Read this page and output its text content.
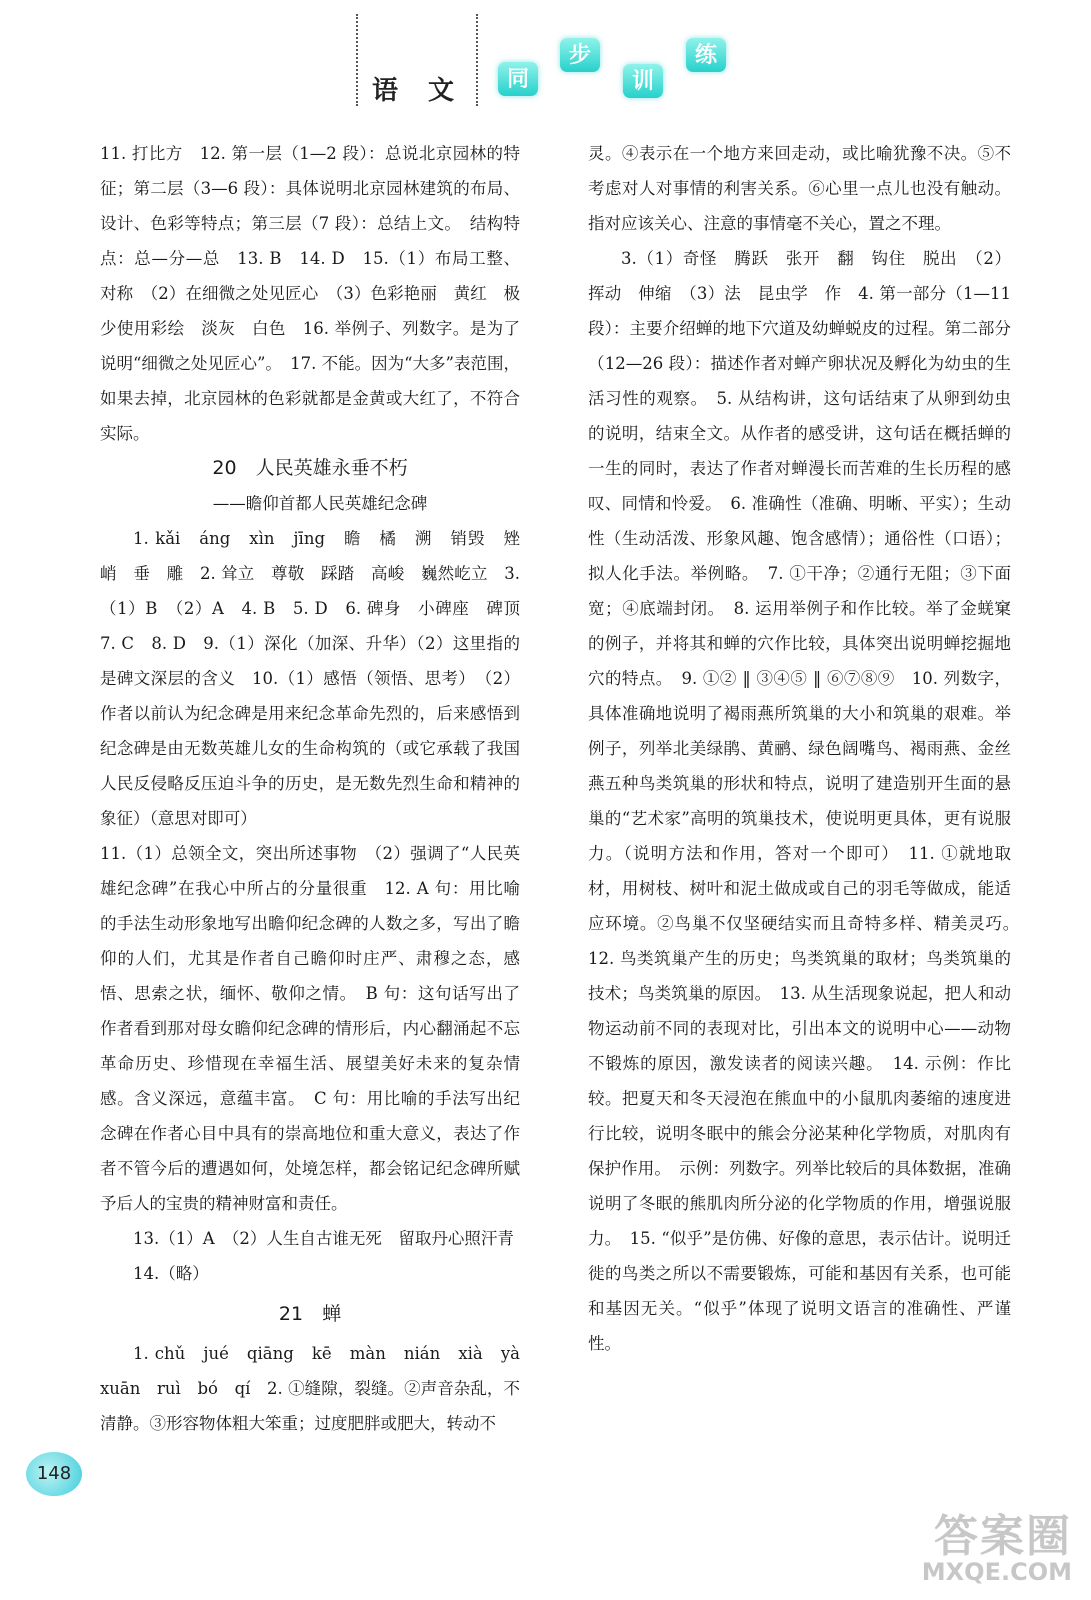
语文	同
步
训
练

11. 打比方　12. 第一层（1—2 段）：总说北京园林的特征；第二层（3—6 段）：具体说明北京园林建筑的布局、设计、色彩等特点；第三层（7 段）：总结上文。　结构特点：总—分—总　13. B　14. D　15.（1）布局工整、对称　（2）在细微之处见匠心　（3）色彩艳丽　黄红　极少使用彩绘　淡灰　白色　16. 举例子、列数字。是为了说明“细微之处见匠心”。　17. 不能。因为“大多”表范围，如果去掉，北京园林的色彩就都是金黄或大红了，不符合实际。

20　人民英雄永垂不朽

——瞻仰首都人民英雄纪念碑

1. kǎi　áng　xìn　jīng　瞻　橘　溯　销毁　矬　峭　垂　雕　2. 耸立　尊敬　踩踏　高峻　巍然屹立　3.（1）B　（2）A　4. B　5. D　6. 碑身　小碑座　碑顶　7. C　8. D　9.（1）深化（加深、升华）（2）这里指的是碑文深层的含义　10.（1）感悟（领悟、思考）　（2）作者以前认为纪念碑是用来纪念革命先烈的，后来感悟到纪念碑是由无数英雄儿女的生命构筑的（或它承载了我国人民反侵略反压迫斗争的历史，是无数先烈生命和精神的象征）（意思对即可）

11.（1）总领全文，突出所述事物　（2）强调了“人民英雄纪念碑”在我心中所占的分量很重　12. A 句：用比喻的手法生动形象地写出瞻仰纪念碑的人数之多，写出了瞻仰的人们，尤其是作者自己瞻仰时庄严、肃穆之态，感悟、思索之状，缅怀、敬仰之情。　B 句：这句话写出了作者看到那对母女瞻仰纪念碑的情形后，内心翻涌起不忘革命历史、珍惜现在幸福生活、展望美好未来的复杂情感。含义深远，意蕴丰富。　C 句：用比喻的手法写出纪念碑在作者心目中具有的崇高地位和重大意义，表达了作者不管今后的遭遇如何，处境怎样，都会铭记纪念碑所赋予后人的宝贵的精神财富和责任。

13.（1）A　（2）人生自古谁无死　留取丹心照汗青

14.（略）

21　蝉

1. chǔ　jué　qiāng　kē　màn　nián　xià　yà　xuān　ruì　bó　qí　2. ①缝隙，裂缝。②声音杂乱，不清静。③形容物体粗大笨重；过度肥胖或肥大，转动不

灵。④表示在一个地方来回走动，或比喻犹豫不决。⑤不考虑对人对事情的利害关系。⑥心里一点儿也没有触动。指对应该关心、注意的事情毫不关心，置之不理。

3.（1）奇怪　腾跃　张开　翻　钩住　脱出　（2）挥动　伸缩　（3）法　昆虫学　作　4. 第一部分（1—11 段）：主要介绍蝉的地下穴道及幼蝉蜕皮的过程。第二部分（12—26 段）：描述作者对蝉产卵状况及孵化为幼虫的生活习性的观察。　5. 从结构讲，这句话结束了从卵到幼虫的说明，结束全文。从作者的感受讲，这句话在概括蝉的一生的同时，表达了作者对蝉漫长而苦难的生长历程的感叹、同情和怜爱。　6. 准确性（准确、明晰、平实）；生动性（生动活泼、形象风趣、饱含感情）；通俗性（口语）；拟人化手法。举例略。　7. ①干净；②通行无阻；③下面宽；④底端封闭。　8. 运用举例子和作比较。举了金蜣窠的例子，并将其和蝉的穴作比较，具体突出说明蝉挖掘地穴的特点。　9. ①② ‖ ③④⑤ ‖ ⑥⑦⑧⑨　10. 列数字，具体准确地说明了褐雨燕所筑巢的大小和筑巢的艰难。举例子，列举北美绿鹃、黄鹂、绿色阔嘴鸟、褐雨燕、金丝燕五种鸟类筑巢的形状和特点，说明了建造别开生面的悬巢的“艺术家”高明的筑巢技术，使说明更具体，更有说服力。（说明方法和作用，答对一个即可）　11. ①就地取材，用树枝、树叶和泥土做成或自己的羽毛等做成，能适应环境。②鸟巢不仅坚硬结实而且奇特多样、精美灵巧。　12. 鸟类筑巢产生的历史；鸟类筑巢的取材；鸟类筑巢的技术；鸟类筑巢的原因。　13. 从生活现象说起，把人和动物运动前不同的表现对比，引出本文的说明中心——动物不锻炼的原因，激发读者的阅读兴趣。　14. 示例：作比较。把夏天和冬天浸泡在熊血中的小鼠肌肉萎缩的速度进行比较，说明冬眠中的熊会分泌某种化学物质，对肌肉有保护作用。　示例：列数字。列举比较后的具体数据，准确说明了冬眠的熊肌肉所分泌的化学物质的作用，增强说服力。　15. “似乎”是仿佛、好像的意思，表示估计。说明迁徙的鸟类之所以不需要锻炼，可能和基因有关系，也可能和基因无关。“似乎”体现了说明文语言的准确性、严谨性。

148
答案圈
MXQE.COM
